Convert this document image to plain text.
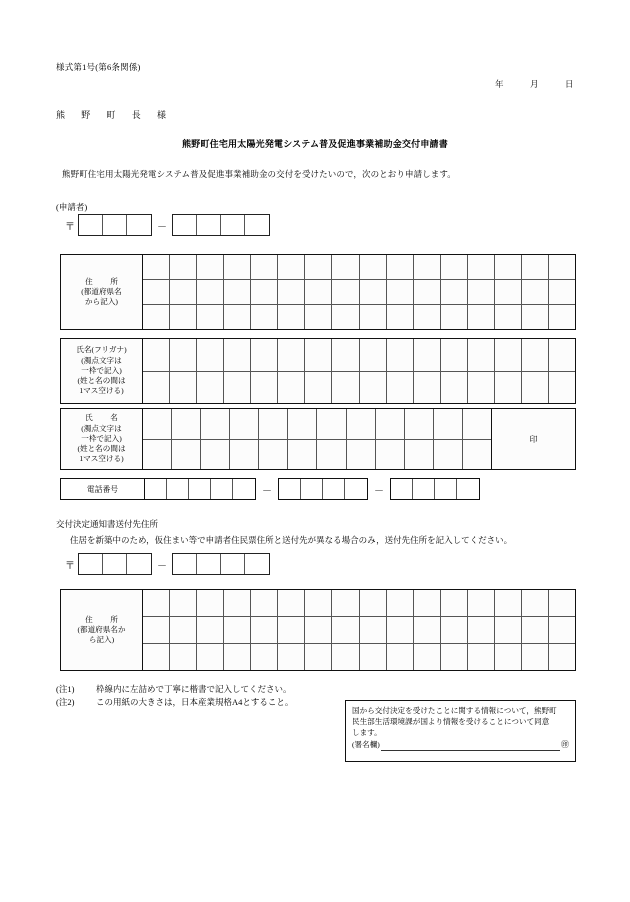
様式第1号(第6条関係)
年　月　日
熊 野 町 長 様
熊野町住宅用太陽光発電システム普及促進事業補助金交付申請書
熊野町住宅用太陽光発電システム普及促進事業補助金の交付を受けたいので，次のとおり申請します。
(申請者)
〒	－
住　所
(都道府県名
から記入)
氏名(フリガナ)
(濁点文字は
一枠で記入)
(姓と名の間は
1マス空ける)
氏　名
(濁点文字は
一枠で記入)
(姓と名の間は
1マス空ける)
印
電話番号	－	－
交付決定通知書送付先住所
住居を新築中のため，仮住まい等で申請者住民票住所と送付先が異なる場合のみ，送付先住所を記入してください。
〒	－
住　所
(都道府県名か
ら記入)
(注1)	枠線内に左詰めで丁寧に楷書で記入してください。
(注2)	この用紙の大きさは，日本産業規格A4とすること。
国から交付決定を受けたことに関する情報について，熊野町
民生部生活環境課が国より情報を受けることについて同意
します。
(署名欄)	㊞
